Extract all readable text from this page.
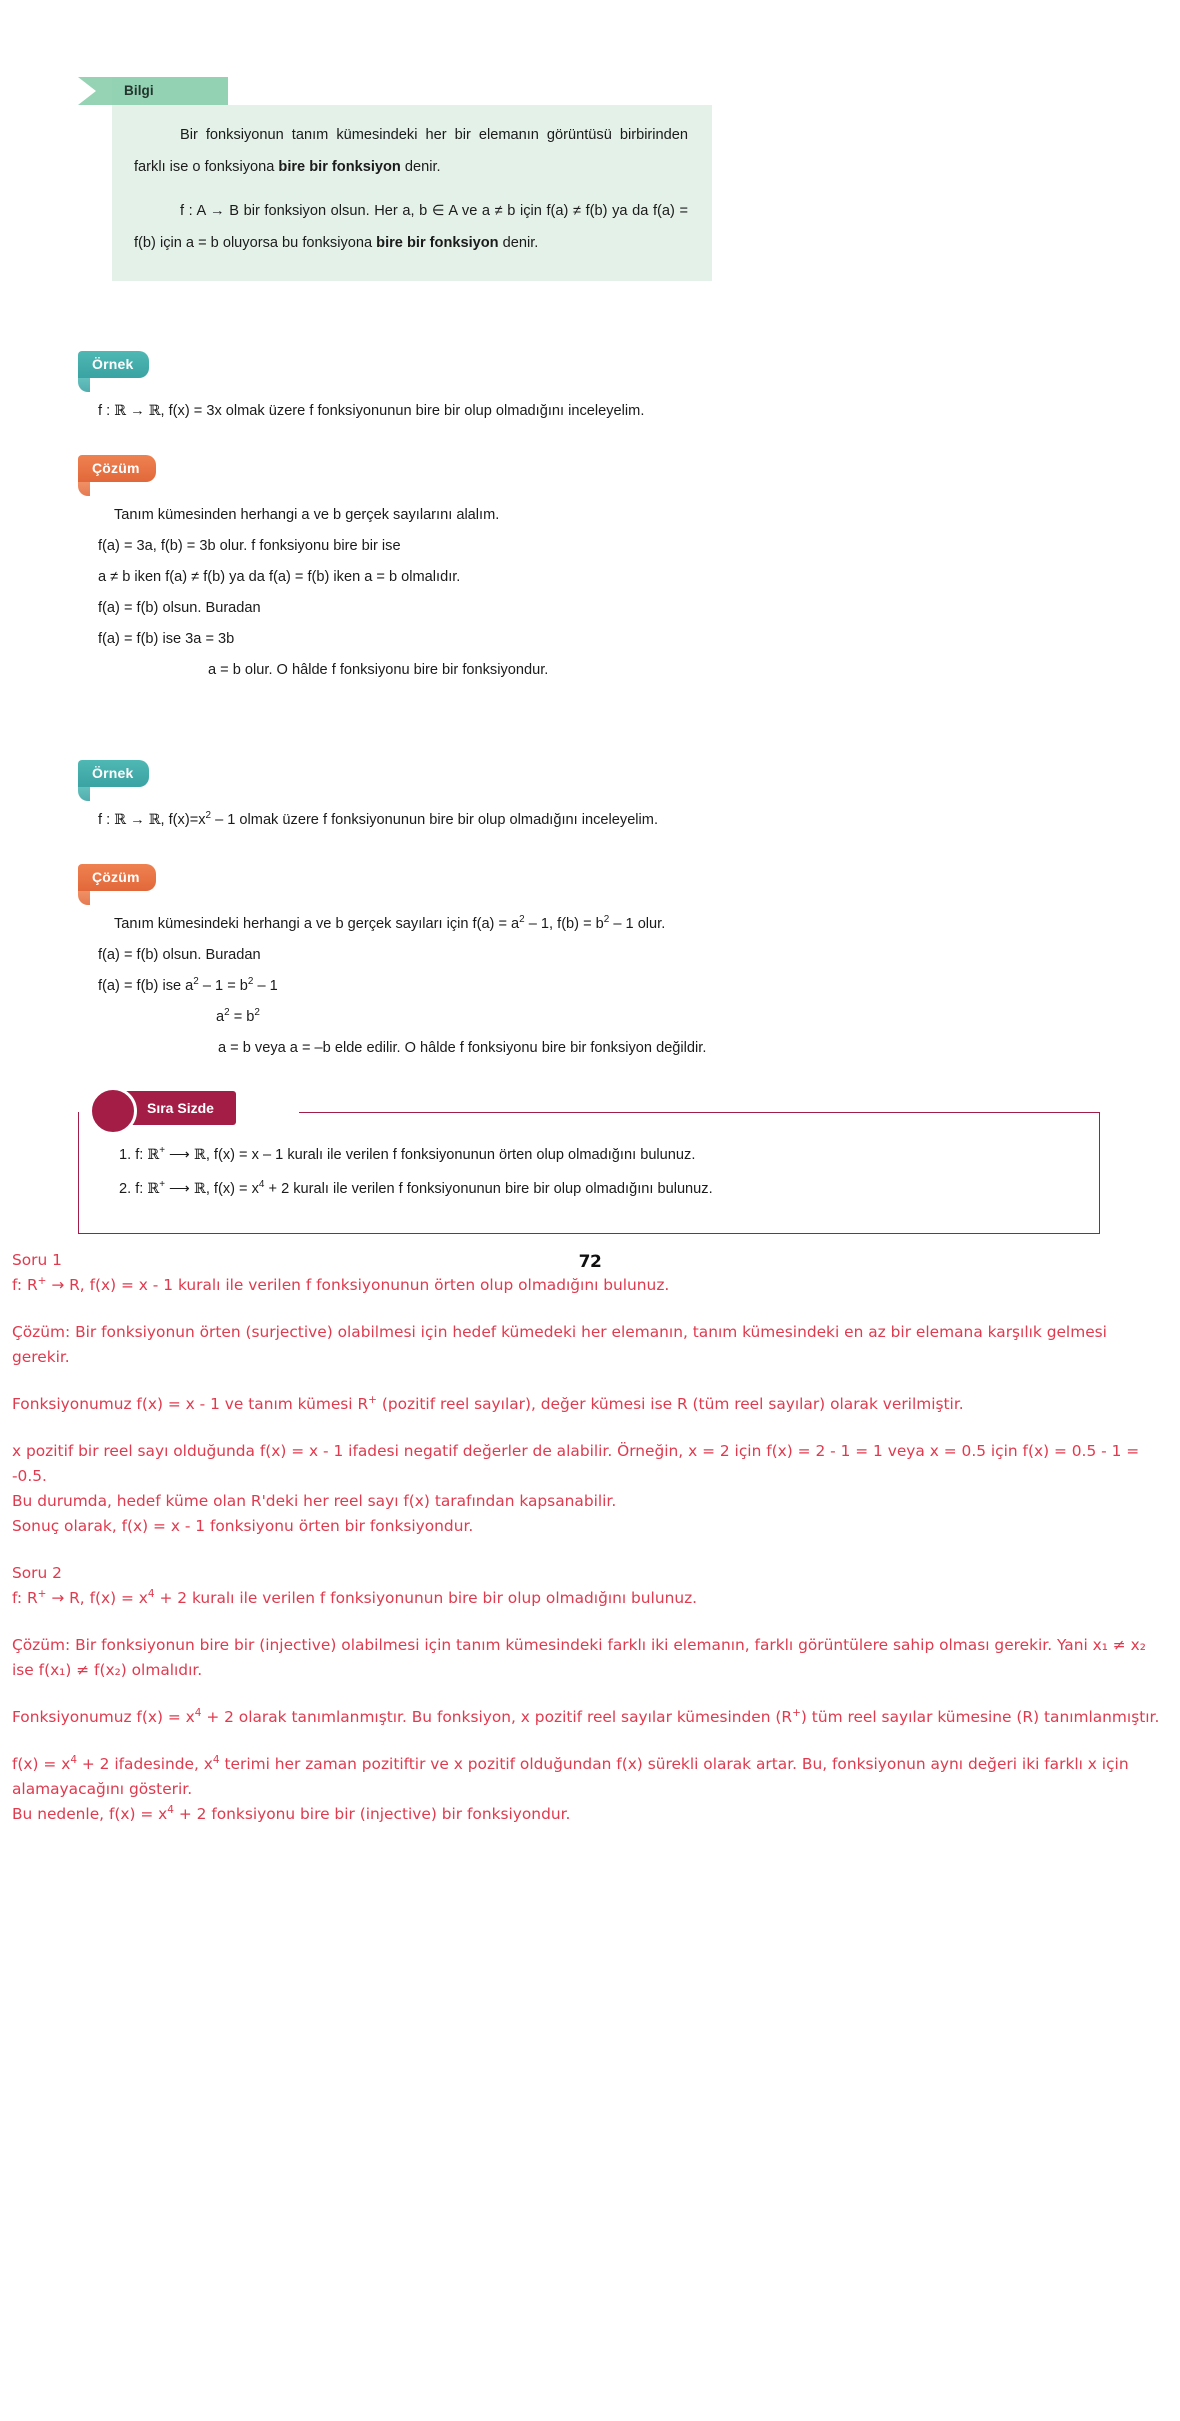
Bilgi

Bir fonksiyonun tanım kümesindeki her bir elemanın görüntüsü birbirinden farklı ise o fonksiyona bire bir fonksiyon denir.

f : A → B bir fonksiyon olsun. Her a, b ∈ A ve a ≠ b için f(a) ≠ f(b) ya da f(a) = f(b) için a = b oluyorsa bu fonksiyona bire bir fonksiyon denir.

Örnek
f : ℝ → ℝ, f(x) = 3x olmak üzere f fonksiyonunun bire bir olup olmadığını inceleyelim.
Çözüm
Tanım kümesinden herhangi a ve b gerçek sayılarını alalım.
f(a) = 3a, f(b) = 3b olur. f fonksiyonu bire bir ise
a ≠ b iken f(a) ≠ f(b) ya da f(a) = f(b) iken a = b olmalıdır.
f(a) = f(b) olsun. Buradan
f(a) = f(b) ise 3a = 3b
a = b olur. O hâlde f fonksiyonu bire bir fonksiyondur.
Örnek
f : ℝ → ℝ, $f(x)=x^2 - 1$ olmak üzere f fonksiyonunun bire bir olup olmadığını inceleyelim.
Çözüm
Tanım kümesindeki herhangi a ve b gerçek sayıları için $f(a) = a^2 - 1$, $f(b) = b^2 - 1$ olur.
f(a) = f(b) olsun. Buradan
f(a) = f(b) ise $a^2 - 1 = b^2 - 1$
$a^2 = b^2$
a = b veya a = –b elde edilir. O hâlde f fonksiyonu bire bir fonksiyon değildir.
Sıra Sizde
1. f: ℝ+ ⟶ ℝ, f(x) = x – 1 kuralı ile verilen f fonksiyonunun örten olup olmadığını bulunuz.
2. f: ℝ+ ⟶ ℝ, $f(x) = x^4 + 2$ kuralı ile verilen f fonksiyonunun bire bir olup olmadığını bulunuz.
72
Soru 1
f: R+ → R, f(x) = x - 1 kuralı ile verilen f fonksiyonunun örten olup olmadığını bulunuz.
Çözüm: Bir fonksiyonun örten (surjective) olabilmesi için hedef kümedeki her elemanın, tanım kümesindeki en az bir elemana karşılık gelmesi gerekir.
Fonksiyonumuz f(x) = x - 1 ve tanım kümesi R+ (pozitif reel sayılar), değer kümesi ise R (tüm reel sayılar) olarak verilmiştir.
x pozitif bir reel sayı olduğunda f(x) = x - 1 ifadesi negatif değerler de alabilir. Örneğin, x = 2 için f(x) = 2 - 1 = 1 veya x = 0.5 için f(x) = 0.5 - 1 = -0.5.
Bu durumda, hedef küme olan R'deki her reel sayı f(x) tarafından kapsanabilir.
Sonuç olarak, f(x) = x - 1 fonksiyonu örten bir fonksiyondur.
Soru 2
f: R+ → R, $f(x) = x^4 + 2$ kuralı ile verilen f fonksiyonunun bire bir olup olmadığını bulunuz.
Çözüm: Bir fonksiyonun bire bir (injective) olabilmesi için tanım kümesindeki farklı iki elemanın, farklı görüntülere sahip olması gerekir. Yani x₁ ≠ x₂ ise f(x₁) ≠ f(x₂) olmalıdır.
Fonksiyonumuz $f(x) = x^4 + 2$ olarak tanımlanmıştır. Bu fonksiyon, x pozitif reel sayılar kümesinden (R+) tüm reel sayılar kümesine (R) tanımlanmıştır.
$f(x) = x^4 + 2$ ifadesinde, $x^4$ terimi her zaman pozitiftir ve x pozitif olduğundan f(x) sürekli olarak artar. Bu, fonksiyonun aynı değeri iki farklı x için alamayacağını gösterir.
Bu nedenle, $f(x) = x^4 + 2$ fonksiyonu bire bir (injective) bir fonksiyondur.
